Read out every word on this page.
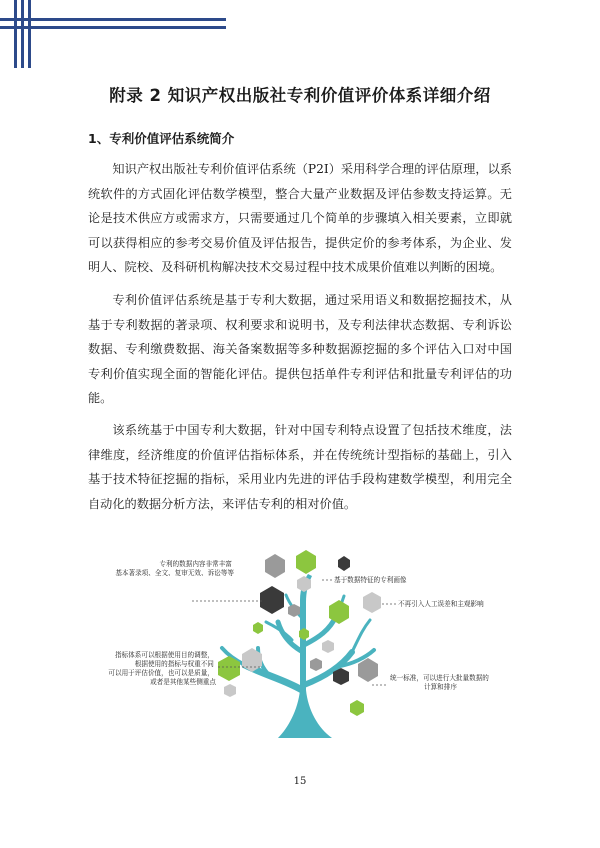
附录 2 知识产权出版社专利价值评价体系详细介绍
1、专利价值评估系统简介

知识产权出版社专利价值评估系统（P2I）采用科学合理的评估原理，以系统软件的方式固化评估数学模型，整合大量产业数据及评估参数支持运算。无论是技术供应方或需求方，只需要通过几个简单的步骤填入相关要素，立即就可以获得相应的参考交易价值及评估报告，提供定价的参考体系，为企业、发明人、院校、及科研机构解决技术交易过程中技术成果价值难以判断的困境。

专利价值评估系统是基于专利大数据，通过采用语义和数据挖掘技术，从基于专利数据的著录项、权利要求和说明书，及专利法律状态数据、专利诉讼数据、专利缴费数据、海关备案数据等多种数据源挖掘的多个评估入口对中国专利价值实现全面的智能化评估。提供包括单件专利评估和批量专利评估的功能。

该系统基于中国专利大数据，针对中国专利特点设置了包括技术维度，法律维度，经济维度的价值评估指标体系，并在传统统计型指标的基础上，引入基于技术特征挖掘的指标，采用业内先进的评估手段构建数学模型，利用完全自动化的数据分析方法，来评估专利的相对价值。

专利的数据内容非常丰富 基本著录项、全文、复审无效、诉讼等等
指标体系可以根据使用目的调整， 根据使用的指标与权重不同 可以用于评估价值，也可以是质量， 或者是其他某些侧重点
基于数据特征的专利画像
不再引入人工误差和主观影响
统一标准，可以进行大批量数据的 计算和排序
15
